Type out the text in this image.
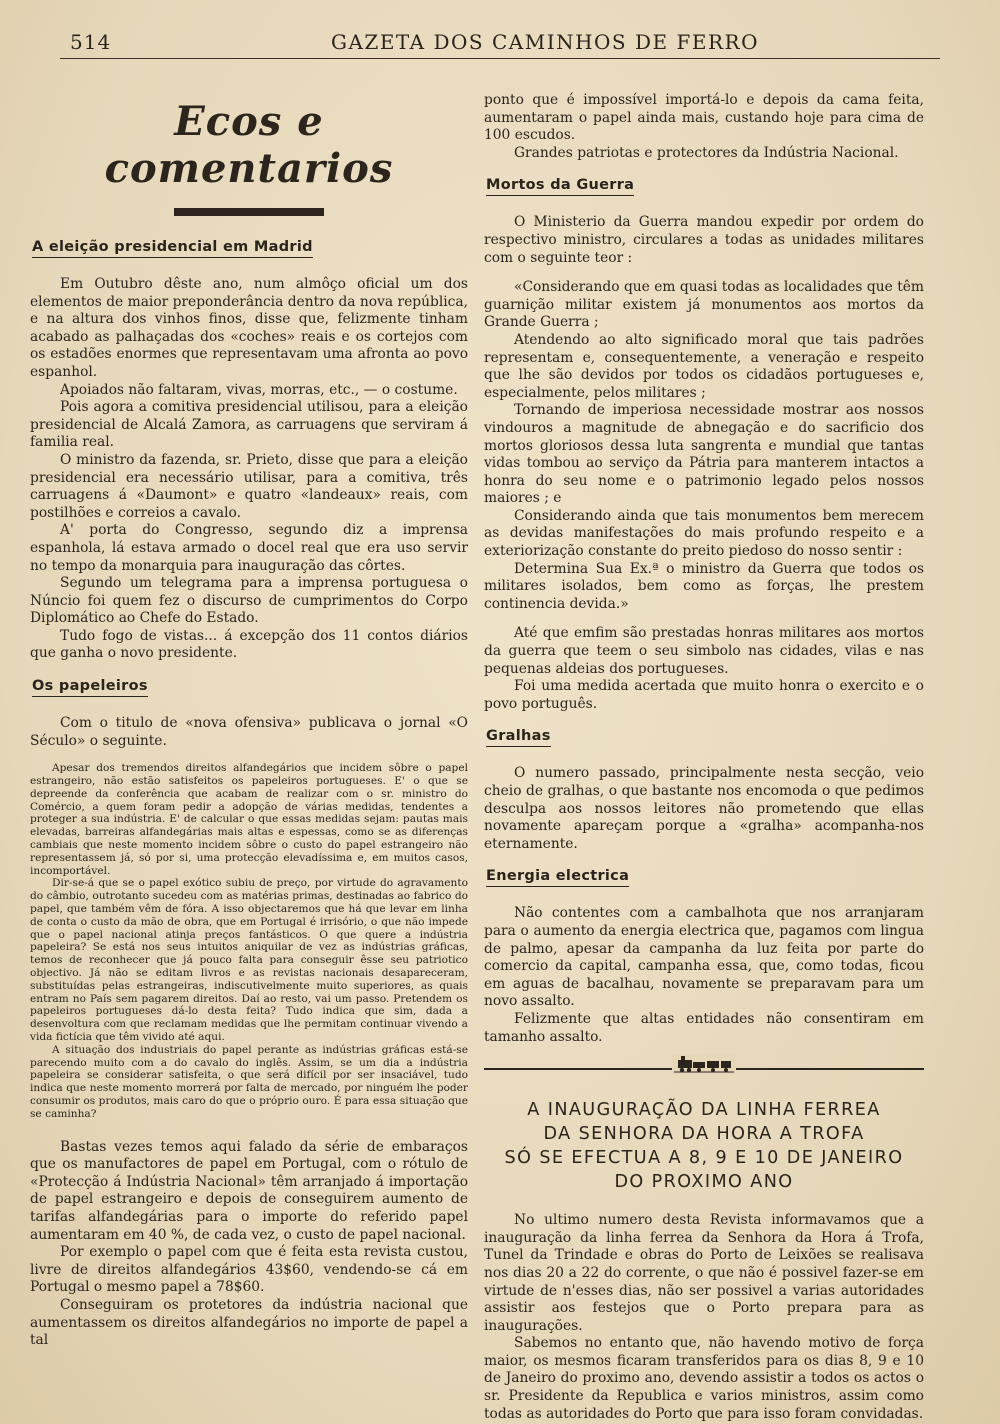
514	GAZETA DOS CAMINHOS DE FERRO
Ecos e comentarios
A eleição presidencial em Madrid

Em Outubro dêste ano, num almôço oficial um dos elementos de maior preponderância dentro da nova república, e na altura dos vinhos finos, disse que, felizmente tinham acabado as palhaçadas dos «coches» reais e os cortejos com os estadões enormes que representavam uma afronta ao povo espanhol.

Apoiados não faltaram, vivas, morras, etc., — o costume.

Pois agora a comitiva presidencial utilisou, para a eleição presidencial de Alcalá Zamora, as carruagens que serviram á familia real.

O ministro da fazenda, sr. Prieto, disse que para a eleição presidencial era necessário utilisar, para a comitiva, três carruagens á «Daumont» e quatro «landeaux» reais, com postilhões e correios a cavalo.

A' porta do Congresso, segundo diz a imprensa espanhola, lá estava armado o docel real que era uso servir no tempo da monarquia para inauguração das côrtes.

Segundo um telegrama para a imprensa portuguesa o Núncio foi quem fez o discurso de cumprimentos do Corpo Diplomático ao Chefe do Estado.

Tudo fogo de vistas... á excepção dos 11 contos diários que ganha o novo presidente.

Os papeleiros

Com o titulo de «nova ofensiva» publicava o jornal «O Século» o seguinte.

Apesar dos tremendos direitos alfandegários que incidem sôbre o papel estrangeiro, não estão satisfeitos os papeleiros portugueses. E' o que se depreende da conferência que acabam de realizar com o sr. ministro do Comércio, a quem foram pedir a adopção de várias medidas, tendentes a proteger a sua indústria. E' de calcular o que essas medidas sejam: pautas mais elevadas, barreiras alfandegárias mais altas e espessas, como se as diferenças cambiais que neste momento incidem sôbre o custo do papel estrangeiro não representassem já, só por si, uma protecção elevadíssima e, em muitos casos, incomportável.

Dir-se-á que se o papel exótico subiu de preço, por virtude do agravamento do câmbio, outrotanto sucedeu com as matérias primas, destinadas ao fabrico do papel, que também vêm de fóra. A isso objectaremos que há que levar em linha de conta o custo da mão de obra, que em Portugal é irrisório, o que não impede que o papel nacional atinja preços fantásticos. O que quere a indústria papeleira? Se está nos seus intuitos aniquilar de vez as indústrias gráficas, temos de reconhecer que já pouco falta para conseguir êsse seu patriotico objectivo. Já não se editam livros e as revistas nacionais desapareceram, substituídas pelas estrangeiras, indiscutivelmente muito superiores, as quais entram no País sem pagarem direitos. Daí ao resto, vai um passo. Pretendem os papeleiros portugueses dá-lo desta feita? Tudo indica que sim, dada a desenvoltura com que reclamam medidas que lhe permitam continuar vivendo a vida fictícia que têm vivido até aqui.

A situação dos industriais do papel perante as indústrias gráficas está-se parecendo muito com a do cavalo do inglês. Assim, se um dia a indústria papeleira se considerar satisfeita, o que será difícil por ser insaciável, tudo indica que neste momento morrerá por falta de mercado, por ninguém lhe poder consumir os produtos, mais caro do que o próprio ouro. É para essa situação que se caminha?

Bastas vezes temos aqui falado da série de embaraços que os manufactores de papel em Portugal, com o rótulo de «Protecção á Indústria Nacional» têm arranjado á importação de papel estrangeiro e depois de conseguirem aumento de tarifas alfandegárias para o importe do referido papel aumentaram em 40 %, de cada vez, o custo de papel nacional.

Por exemplo o papel com que é feita esta revista custou, livre de direitos alfandegários 43$60, vendendo-se cá em Portugal o mesmo papel a 78$60.

Conseguiram os protetores da indústria nacional que aumentassem os direitos alfandegários no importe de papel a tal

ponto que é impossível importá-lo e depois da cama feita, aumentaram o papel ainda mais, custando hoje para cima de 100 escudos.

Grandes patriotas e protectores da Indústria Nacional.

Mortos da Guerra

O Ministerio da Guerra mandou expedir por ordem do respectivo ministro, circulares a todas as unidades militares com o seguinte teor :

«Considerando que em quasi todas as localidades que têm guarnição militar existem já monumentos aos mortos da Grande Guerra ;

Atendendo ao alto significado moral que tais padrões representam e, consequentemente, a veneração e respeito que lhe são devidos por todos os cidadãos portugueses e, especialmente, pelos militares ;

Tornando de imperiosa necessidade mostrar aos nossos vindouros a magnitude de abnegação e do sacrificio dos mortos gloriosos dessa luta sangrenta e mundial que tantas vidas tombou ao serviço da Pátria para manterem intactos a honra do seu nome e o patrimonio legado pelos nossos maiores ; e

Considerando ainda que tais monumentos bem merecem as devidas manifestações do mais profundo respeito e a exteriorização constante do preito piedoso do nosso sentir :

Determina Sua Ex.ª o ministro da Guerra que todos os militares isolados, bem como as forças, lhe prestem continencia devida.»

Até que emfim são prestadas honras militares aos mortos da guerra que teem o seu simbolo nas cidades, vilas e nas pequenas aldeias dos portugueses.

Foi uma medida acertada que muito honra o exercito e o povo português.

Gralhas

O numero passado, principalmente nesta secção, veio cheio de gralhas, o que bastante nos encomoda o que pedimos desculpa aos nossos leitores não prometendo que ellas novamente apareçam porque a «gralha» acompanha-nos eternamente.

Energia electrica

Não contentes com a cambalhota que nos arranjaram para o aumento da energia electrica que, pagamos com lingua de palmo, apesar da campanha da luz feita por parte do comercio da capital, campanha essa, que, como todas, ficou em aguas de bacalhau, novamente se preparavam para um novo assalto.

Felizmente que altas entidades não consentiram em tamanho assalto.

A INAUGURAÇÃO DA LINHA FERREA
DA SENHORA DA HORA A TROFA
SÓ SE EFECTUA A 8, 9 E 10 DE JANEIRO
DO PROXIMO ANO

No ultimo numero desta Revista informavamos que a inauguração da linha ferrea da Senhora da Hora á Trofa, Tunel da Trindade e obras do Porto de Leixões se realisava nos dias 20 a 22 do corrente, o que não é possivel fazer-se em virtude de n'esses dias, não ser possivel a varias autoridades assistir aos festejos que o Porto prepara para as inaugurações.

Sabemos no entanto que, não havendo motivo de força maior, os mesmos ficaram transferidos para os dias 8, 9 e 10 de Janeiro do proximo ano, devendo assistir a todos os actos o sr. Presidente da Republica e varios ministros, assim como todas as autoridades do Porto que para isso foram convidadas.
